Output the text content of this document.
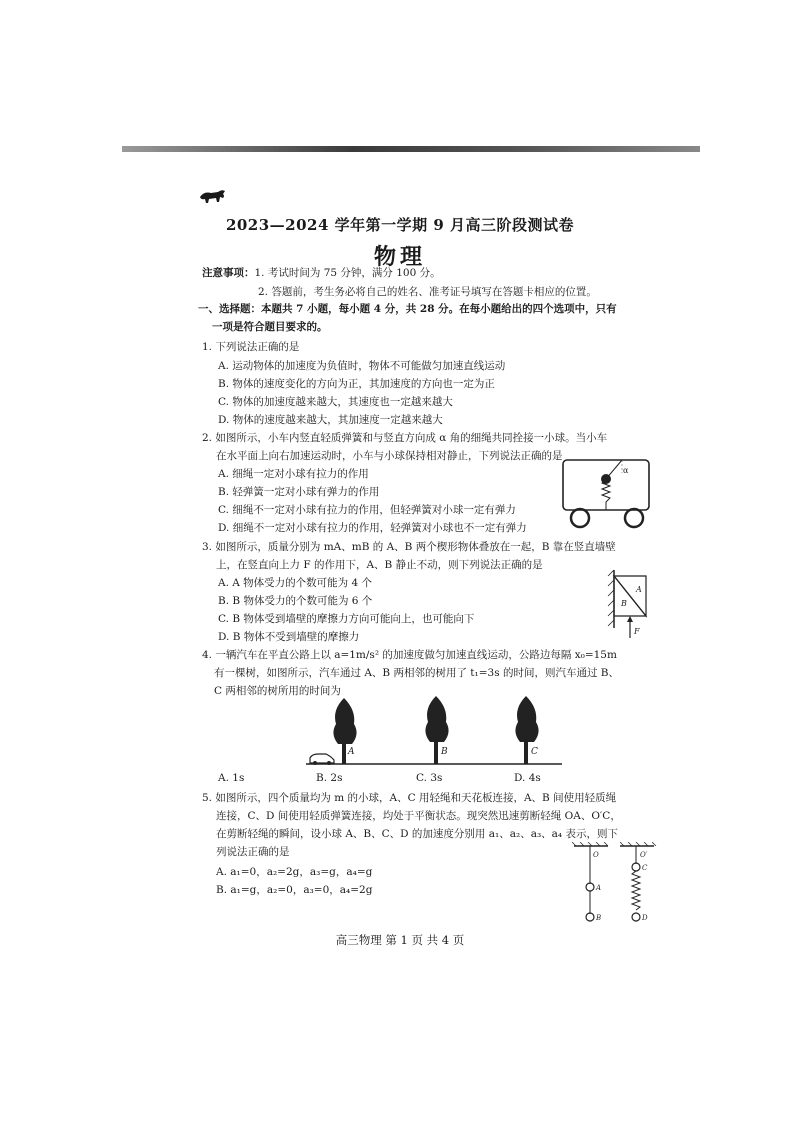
2023—2024 学年第一学期 9 月高三阶段测试卷
物理
注意事项：1. 考试时间为 75 分钟，满分 100 分。
2. 答题前，考生务必将自己的姓名、准考证号填写在答题卡相应的位置。
一、选择题：本题共 7 小题，每小题 4 分，共 28 分。在每小题给出的四个选项中，只有
一项是符合题目要求的。
1. 下列说法正确的是
A. 运动物体的加速度为负值时，物体不可能做匀加速直线运动
B. 物体的速度变化的方向为正，其加速度的方向也一定为正
C. 物体的加速度越来越大，其速度也一定越来越大
D. 物体的速度越来越大，其加速度一定越来越大
2. 如图所示，小车内竖直轻质弹簧和与竖直方向成 α 角的细绳共同拴接一小球。当小车
在水平面上向右加速运动时，小车与小球保持相对静止，下列说法正确的是
A. 细绳一定对小球有拉力的作用
B. 轻弹簧一定对小球有弹力的作用
C. 细绳不一定对小球有拉力的作用，但轻弹簧对小球一定有弹力
D. 细绳不一定对小球有拉力的作用，轻弹簧对小球也不一定有弹力
α
3. 如图所示，质量分别为 mA、mB 的 A、B 两个楔形物体叠放在一起，B 靠在竖直墙壁
上，在竖直向上力 F 的作用下，A、B 静止不动，则下列说法正确的是
A. A 物体受力的个数可能为 4 个
B. B 物体受力的个数可能为 6 个
C. B 物体受到墙壁的摩擦力方向可能向上，也可能向下
D. B 物体不受到墙壁的摩擦力
A
B
F
4. 一辆汽车在平直公路上以 a=1m/s² 的加速度做匀加速直线运动，公路边每隔 x₀=15m
有一棵树，如图所示，汽车通过 A、B 两相邻的树用了 t₁=3s 的时间，则汽车通过 B、
C 两相邻的树所用的时间为
A	B	C
A. 1s	B. 2s	C. 3s	D. 4s
5. 如图所示，四个质量均为 m 的小球，A、C 用轻绳和天花板连接，A、B 间使用轻质绳
连接，C、D 间使用轻质弹簧连接，均处于平衡状态。现突然迅速剪断轻绳 OA、O′C，
在剪断轻绳的瞬间，设小球 A、B、C、D 的加速度分别用 a₁、a₂、a₃、a₄ 表示，则下
列说法正确的是
A. a₁=0，a₂=2g，a₃=g，a₄=g
B. a₁=g，a₂=0，a₃=0，a₄=2g
O	O′
A
B
C
D
高三物理 第 1 页 共 4 页
